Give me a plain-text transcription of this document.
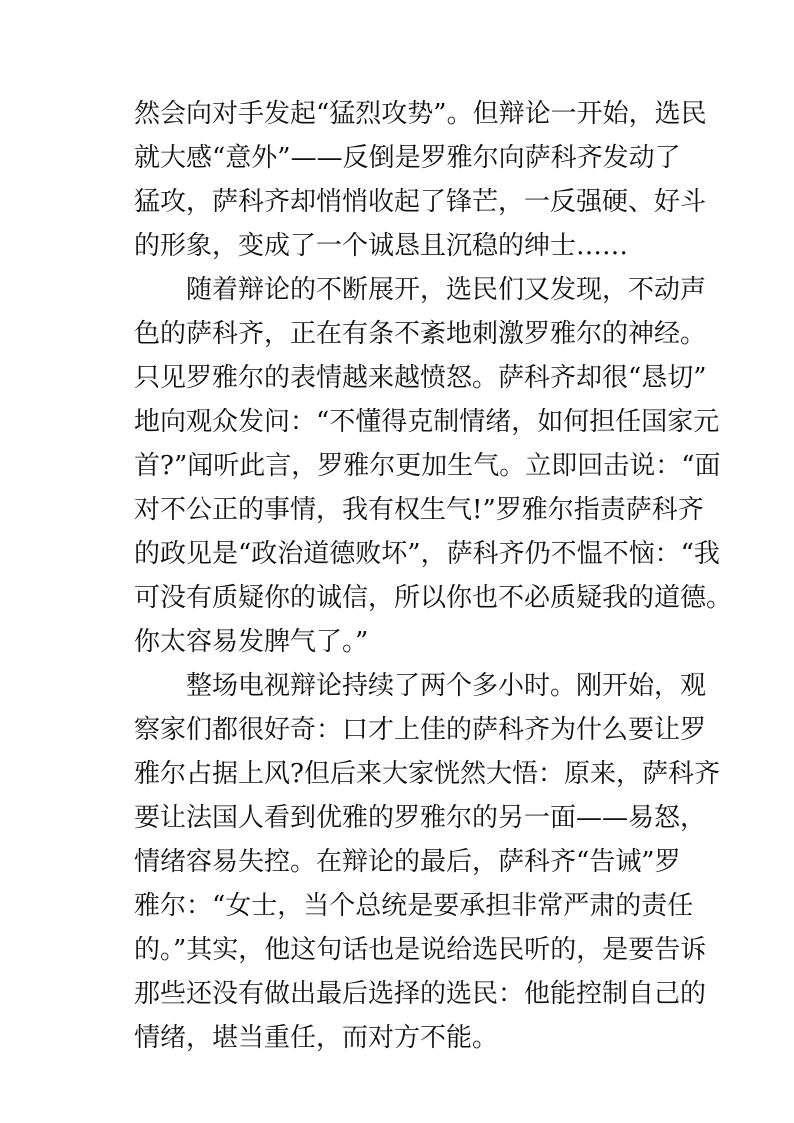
然会向对手发起“猛烈攻势”。但辩论一开始，选民
就大感“意外”——反倒是罗雅尔向萨科齐发动了
猛攻，萨科齐却悄悄收起了锋芒，一反强硬、好斗
的形象，变成了一个诚恳且沉稳的绅士……
随着辩论的不断展开，选民们又发现，不动声
色的萨科齐，正在有条不紊地刺激罗雅尔的神经。
只见罗雅尔的表情越来越愤怒。萨科齐却很“恳切”
地向观众发问：“不懂得克制情绪，如何担任国家元
首?”闻听此言，罗雅尔更加生气。立即回击说：“面
对不公正的事情，我有权生气!”罗雅尔指责萨科齐
的政见是“政治道德败坏”，萨科齐仍不愠不恼：“我
可没有质疑你的诚信，所以你也不必质疑我的道德。
你太容易发脾气了。”
整场电视辩论持续了两个多小时。刚开始，观
察家们都很好奇：口才上佳的萨科齐为什么要让罗
雅尔占据上风?但后来大家恍然大悟：原来，萨科齐
要让法国人看到优雅的罗雅尔的另一面——易怒，
情绪容易失控。在辩论的最后，萨科齐“告诫”罗
雅尔：“女士，当个总统是要承担非常严肃的责任
的。”其实，他这句话也是说给选民听的，是要告诉
那些还没有做出最后选择的选民：他能控制自己的
情绪，堪当重任，而对方不能。
